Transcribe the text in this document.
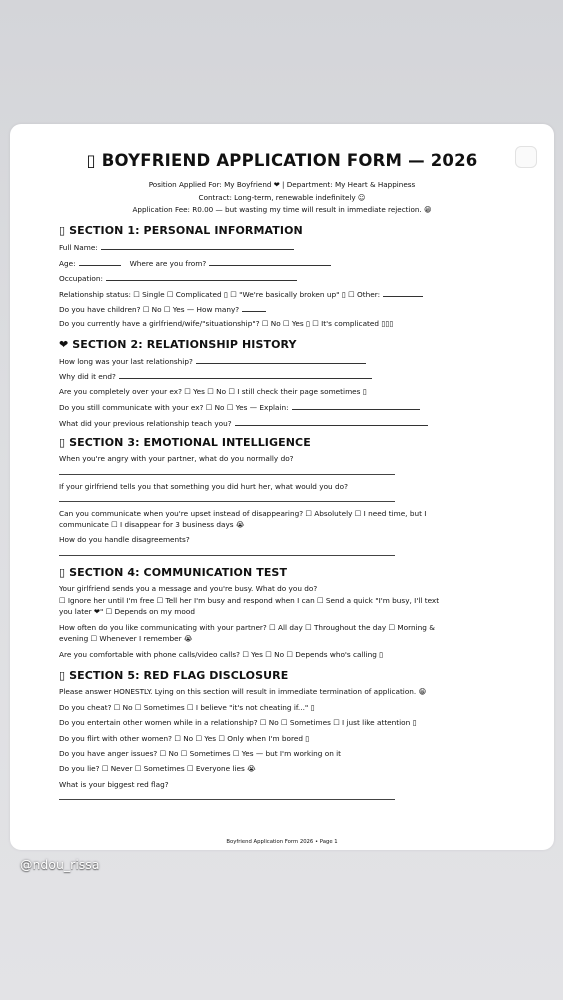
▯ BOYFRIEND APPLICATION FORM — 2026
Position Applied For: My Boyfriend ❤ | Department: My Heart & Happiness
Contract: Long-term, renewable indefinitely ☺
Application Fee: R0.00 — but wasting my time will result in immediate rejection. 😁
▯ SECTION 1: PERSONAL INFORMATION
Full Name:
Age:	Where are you from?
Occupation:
Relationship status: ☐ Single ☐ Complicated ▯ ☐ "We're basically broken up" ▯ ☐ Other:
Do you have children? ☐ No ☐ Yes — How many?
Do you currently have a girlfriend/wife/"situationship"? ☐ No ☐ Yes ▯ ☐ It's complicated ▯▯▯
❤ SECTION 2: RELATIONSHIP HISTORY
How long was your last relationship?
Why did it end?
Are you completely over your ex? ☐ Yes ☐ No ☐ I still check their page sometimes ▯
Do you still communicate with your ex? ☐ No ☐ Yes — Explain:
What did your previous relationship teach you?
▯ SECTION 3: EMOTIONAL INTELLIGENCE
When you're angry with your partner, what do you normally do?
If your girlfriend tells you that something you did hurt her, what would you do?
Can you communicate when you're upset instead of disappearing? ☐ Absolutely ☐ I need time, but I
communicate ☐ I disappear for 3 business days 😭
How do you handle disagreements?
▯ SECTION 4: COMMUNICATION TEST
Your girlfriend sends you a message and you're busy. What do you do?
☐ Ignore her until I'm free ☐ Tell her I'm busy and respond when I can ☐ Send a quick "I'm busy, I'll text
you later ❤" ☐ Depends on my mood
How often do you like communicating with your partner? ☐ All day ☐ Throughout the day ☐ Morning &
evening ☐ Whenever I remember 😭
Are you comfortable with phone calls/video calls? ☐ Yes ☐ No ☐ Depends who's calling ▯
▯ SECTION 5: RED FLAG DISCLOSURE
Please answer HONESTLY. Lying on this section will result in immediate termination of application. 😁
Do you cheat? ☐ No ☐ Sometimes ☐ I believe "it's not cheating if..." ▯
Do you entertain other women while in a relationship? ☐ No ☐ Sometimes ☐ I just like attention ▯
Do you flirt with other women? ☐ No ☐ Yes ☐ Only when I'm bored ▯
Do you have anger issues? ☐ No ☐ Sometimes ☐ Yes — but I'm working on it
Do you lie? ☐ Never ☐ Sometimes ☐ Everyone lies 😭
What is your biggest red flag?
Boyfriend Application Form 2026 • Page 1
@ndou_rissa
